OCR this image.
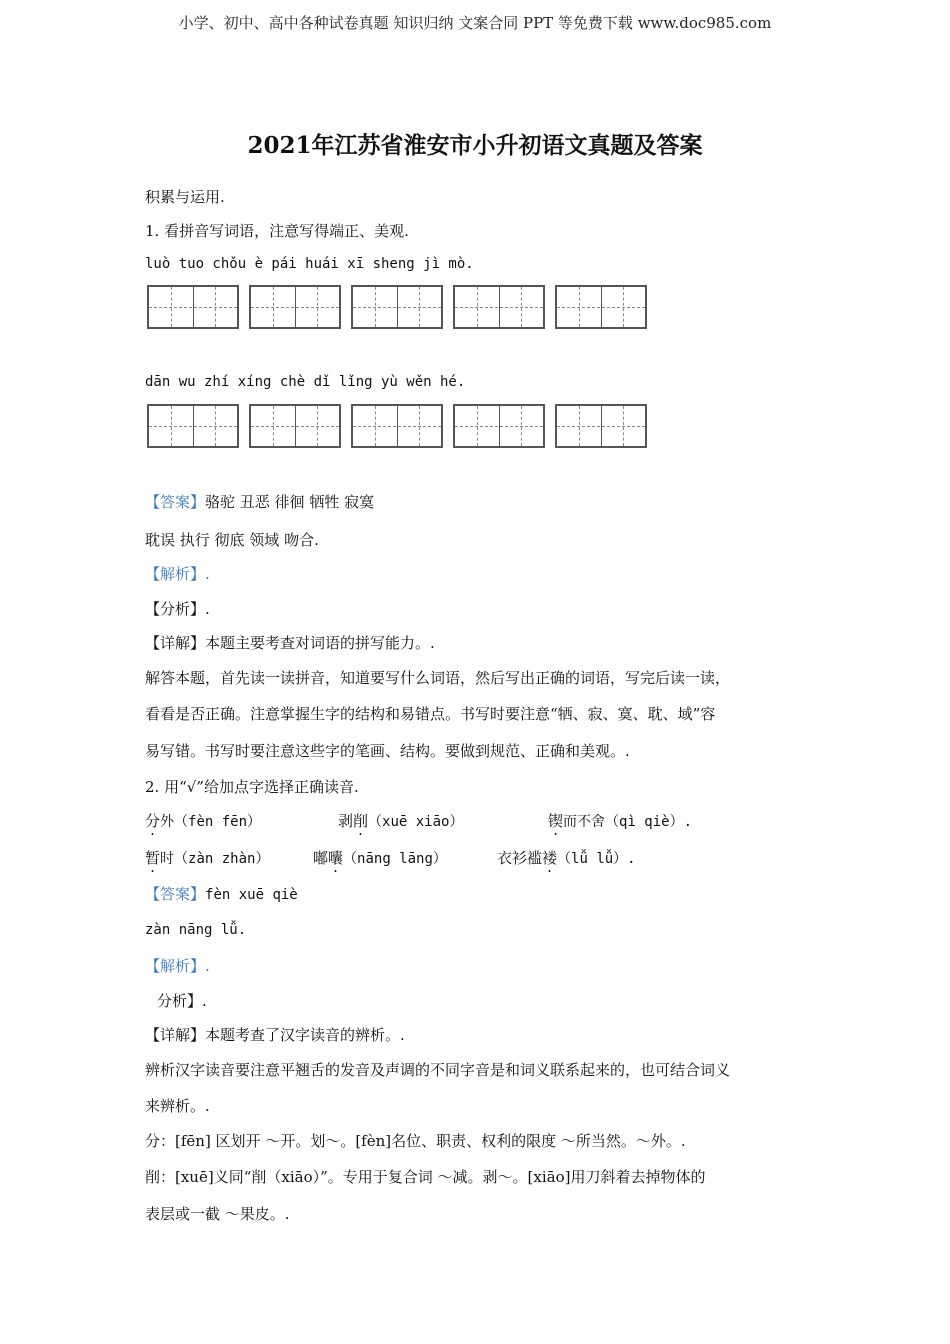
小学、初中、高中各种试卷真题 知识归纳 文案合同 PPT 等免费下载 www.doc985.com
2021年江苏省淮安市小升初语文真题及答案
积累与运用.
1. 看拼音写词语，注意写得端正、美观.
luò tuo chǒu è pái huái xī sheng jì mò.
dān wu zhí xíng chè dǐ lǐng yù wěn hé.
【答案】骆驼 丑恶 徘徊 牺牲 寂寞
耽误 执行 彻底 领域 吻合.
【解析】.
【分析】.
【详解】本题主要考查对词语的拼写能力。.
解答本题，首先读一读拼音，知道要写什么词语，然后写出正确的词语，写完后读一读，
看看是否正确。注意掌握生字的结构和易错点。书写时要注意“牺、寂、寞、耽、域”容
易写错。书写时要注意这些字的笔画、结构。要做到规范、正确和美观。.
2. 用“√”给加点字选择正确读音.
分外（fèn fēn）	剥削（xuē xiāo）	锲而不舍（qì qiè）.
暂时（zàn zhàn）	嘟囔（nāng lāng）	衣衫褴褛（lǚ lǚ）.
【答案】fèn xuē qiè
zàn nāng lǚ.
【解析】.
分析】.
【详解】本题考查了汉字读音的辨析。.
辨析汉字读音要注意平翘舌的发音及声调的不同字音是和词义联系起来的，也可结合词义
来辨析。.
分：[fēn] 区划开 ～开。划～。[fèn]名位、职责、权利的限度 ～所当然。～外。.
削：[xuē]义同“削（xiāo）”。专用于复合词 ～减。剥～。[xiāo]用刀斜着去掉物体的
表层或一截 ～果皮。.
